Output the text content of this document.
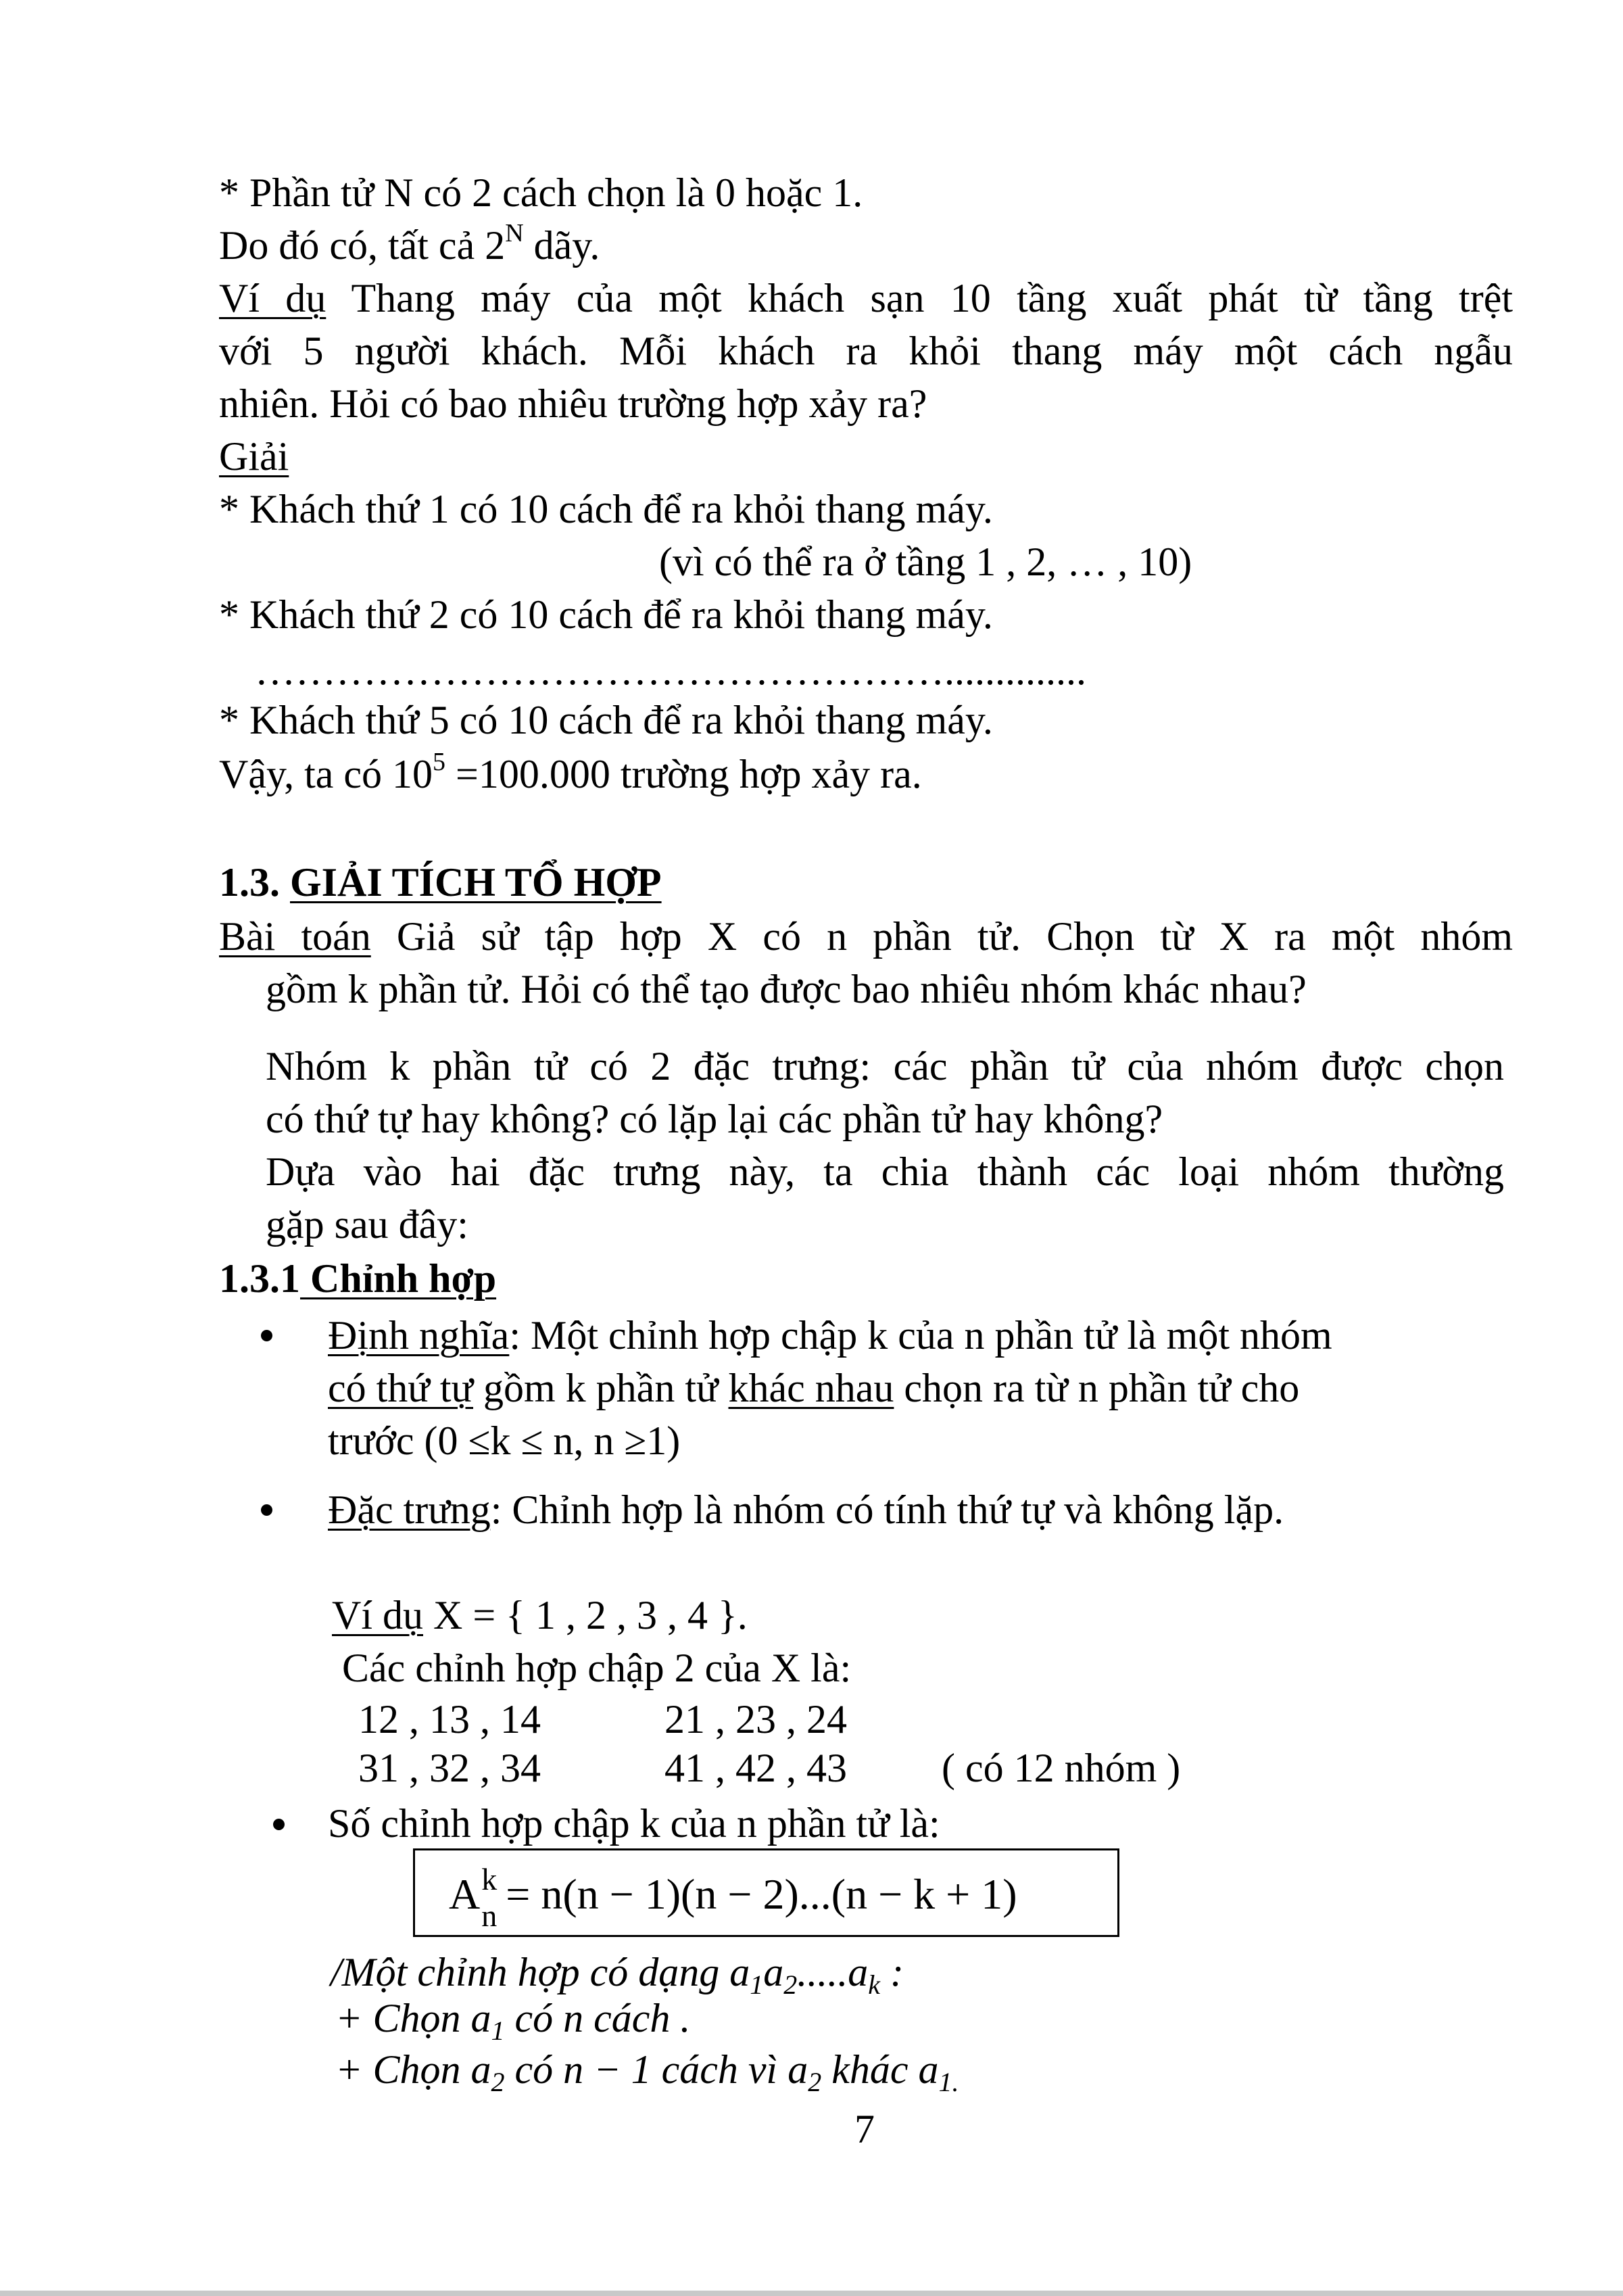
* Phần tử N có 2 cách chọn là 0 hoặc 1.
Do đó có, tất cả $2^N$ dãy.
Ví dụ Thang máy của một khách sạn 10 tầng xuất phát từ tầng trệt
với 5 người khách. Mỗi khách ra khỏi thang máy một cách ngẫu
nhiên. Hỏi có bao nhiêu trường hợp xảy ra?
Giải
* Khách thứ 1 có 10 cách để ra khỏi thang máy.
(vì có thể ra ở tầng 1 , 2, … , 10)
* Khách thứ 2 có 10 cách để ra khỏi thang máy.
……………………………………………..............
* Khách thứ 5 có 10 cách để ra khỏi thang máy.
Vậy, ta có $10^5 =100.000$ trường hợp xảy ra.
1.3. GIẢI TÍCH TỔ HỢP
Bài toán Giả sử tập hợp X có n phần tử. Chọn từ X ra một nhóm
gồm k phần tử. Hỏi có thể tạo được bao nhiêu nhóm khác nhau?
Nhóm k phần tử có 2 đặc trưng: các phần tử của nhóm được chọn
có thứ tự hay không? có lặp lại các phần tử hay không?
Dựa vào hai đặc trưng này, ta chia thành các loại nhóm thường
gặp sau đây:
1.3.1 Chỉnh hợp
Định nghĩa: Một chỉnh hợp chập k của n phần tử là một nhóm
có thứ tự gồm k phần tử khác nhau chọn ra từ n phần tử cho
trước (0 ≤k ≤ n, n ≥1)
Đặc trưng: Chỉnh hợp là nhóm có tính thứ tự và không lặp.
Ví dụ X = { 1 , 2 , 3 , 4 }.
Các chỉnh hợp chập 2 của X là:
12 , 13 , 14	21 , 23 , 24
31 , 32 , 34	41 , 42 , 43 ( có 12 nhóm )
Số chỉnh hợp chập k của n phần tử là:
A k
n = n(n − 1)(n − 2)...(n − k + 1)
/Một chỉnh hợp có dạng $a_1a_2.....a_k$ :
+ Chọn $a_1$ có n cách .
+ Chọn $a_2$ có n − 1 cách vì $a_2$ khác $a_{1.}$
7
